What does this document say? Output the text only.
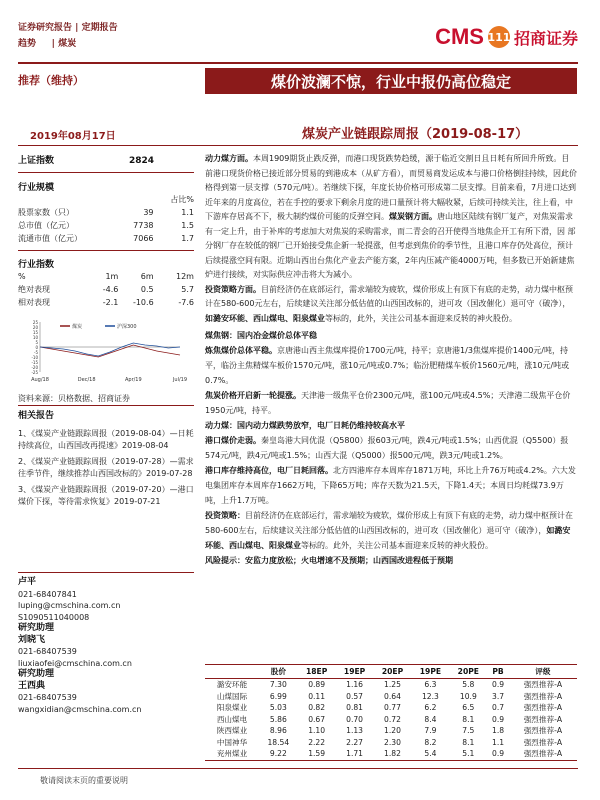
证券研究报告 | 定期报告
趋势     | 煤炭	CMS 111 招商证券
推荐（维持）	煤价波澜不惊，行业中报仍高位稳定
2019年08月17日	煤炭产业链跟踪周报（2019-08-17）
上证指数	2824
行业规模
占比%
股票家数（只）	39	1.1
总市值（亿元）	7738	1.5
流通市值（亿元）	7066	1.7
行业指数
%	1m	6m	12m
绝对表现	-4.6	0.5	5.7
相对表现	-2.1	-10.6	-7.6
25
20
15
10
5
0
-5
-10
-15
-20
-25
Aug/18	Dec/18	Apr/19	Jul/19
煤炭	沪深300
资料来源：贝格数据、招商证券
相关报告
1、《煤炭产业链跟踪周报（2019-08-04）—日耗持续高位，山西国改再提速》2019-08-04
2、《煤炭产业链跟踪周报（2019-07-28）—需求往季节件，继续推荐山西国改标的》2019-07-28
3、《煤炭产业链跟踪周报（2019-07-20）—港口煤价下探，等待需求恢复》2019-07-21
卢平
021-68407841
luping@cmschina.com.cn
S1090511040008
研究助理
刘晓飞
021-68407539
liuxiaofei@cmschina.com.cn
研究助理
王西典
021-68407539
wangxidian@cmschina.com.cn
动力煤方面。本周1909期货止跌反弹，而港口现货跌势趋缓，源于临近交割日且日耗有所回升所致。目前港口现货价格已接近部分贸易的到港成本（从矿方看），而贸易商发运成本与港口价格倒挂持续，因此价格得到第一层支撑（570元/吨）。若继续下探，年度长协价格可形成第二层支撑。目前来看，7月进口达到近年来的月度高位，若在手控的要求下剩余月度的进口量预计将大幅收紧，后续可持续关注，往上看，中下游库存居高不下，极大制约煤价可能的反弹空间。煤炭钢方面。唐山地区陆续有钢厂复产，对焦炭需求有一定上升，由于补库的考虑加大对焦炭的采购需求，而二青会的召开使得当地焦企开工有所下滑，因 部分钢厂存在较低的钢厂已开始接受焦企新一轮提涨，但考虑到焦价的季节性，且港口库存仍处高位，预计后续提涨空间有限。近期山西出台焦化产业去产能方案，2年内压减产能4000万吨，但多数已开始新建焦炉进行接续，对实际供应冲击将大为减小。
投资策略方面。目前经济仍在底部运行，需求端较为疲软，煤价形成上有顶下有底的走势，动力煤中枢预计在580-600元左右，后续建议关注部分低估值的山西国改标的，进可攻（国改催化）退可守（破净），如潞安环能、西山煤电、阳泉煤业等标的，此外，关注公司基本面迎来反转的神火股份。
煤焦钢：国内冶金煤价总体平稳
炼焦煤价总体平稳。京唐港山西主焦煤库提价1700元/吨，持平；京唐港1/3焦煤库提价1400元/吨，持平，临汾主焦精煤车板价1570元/吨，涨10元/吨或0.7%；临汾肥精煤车板价1560元/吨，涨10元/吨或0.7%。
焦炭价格开启新一轮提涨。天津港一级焦平仓价2300元/吨，涨100元/吨或4.5%；天津港二级焦平仓价1950元/吨，持平。
动力煤：国内动力煤跌势放窄，电厂日耗仍维持较高水平
港口煤价走弱。秦皇岛港大同优混（Q5800）报603元/吨，跌4元/吨或1.5%；山西优混（Q5500）报574元/吨，跌4元/吨或1.5%；山西大混（Q5000）报500元/吨，跌3元/吨或1.2%。
港口库存维持高位，电厂日耗回落。北方四港库存本周库存1871万吨，环比上升76万吨或4.2%。六大发电集团库存本周库存1662万吨，下降65万吨；库存天数为21.5天，下降1.4天；本周日均耗煤73.9万吨，上升1.7万吨。
投资策略：目前经济仍在底部运行，需求端较为疲软，煤价形成上有顶下有底的走势，动力煤中枢预计在580-600左右，后续建议关注部分低估值的山西国改标的，进可攻（国改催化）退可守（破净），如潞安环能、西山煤电、阳泉煤业等标的。此外，关注公司基本面迎来反转的神火股份。
风险提示：安监力度放松；火电增速不及预期；山西国改进程低于预期
	股价	18EP	19EP	20EP	19PE	20PE	PB	评级
潞安环能	7.30	0.89	1.16	1.25	6.3	5.8	0.9	强烈推荐-A
山煤国际	6.99	0.11	0.57	0.64	12.3	10.9	3.7	强烈推荐-A
阳泉煤业	5.03	0.82	0.81	0.77	6.2	6.5	0.7	强烈推荐-A
西山煤电	5.86	0.67	0.70	0.72	8.4	8.1	0.9	强烈推荐-A
陕西煤业	8.96	1.10	1.13	1.20	7.9	7.5	1.8	强烈推荐-A
中国神华	18.54	2.22	2.27	2.30	8.2	8.1	1.1	强烈推荐-A
兖州煤业	9.22	1.59	1.71	1.82	5.4	5.1	0.9	强烈推荐-A
敬请阅读末页的重要说明
